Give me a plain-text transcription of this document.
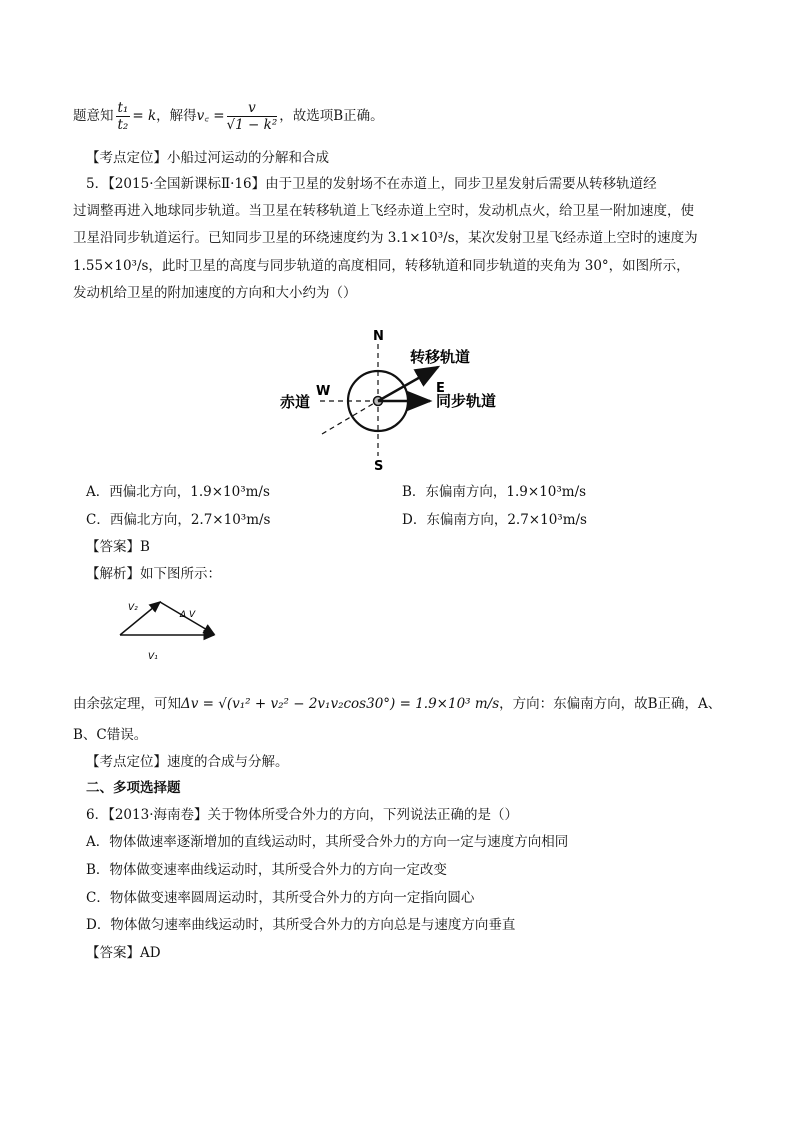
题意知 $\frac{\text{t₁}}{\text{t₂}} = k$，解得v꜀ = $\frac{v}{\text{√1 − k²}}$ ，故选项B正确。
【考点定位】小船过河运动的分解和合成
5．【2015·全国新课标Ⅱ·16】由于卫星的发射场不在赤道上，同步卫星发射后需要从转移轨道经
过调整再进入地球同步轨道。当卫星在转移轨道上飞经赤道上空时，发动机点火，给卫星一附加速度，使
卫星沿同步轨道运行。已知同步卫星的环绕速度约为 3.1×10³/s，某次发射卫星飞经赤道上空时的速度为
1.55×10³/s，此时卫星的高度与同步轨道的高度相同，转移轨道和同步轨道的夹角为 30°，如图所示，
发动机给卫星的附加速度的方向和大小约为（）
N
S
E
W
赤道
转移轨道
同步轨道
A．西偏北方向，1.9×10³m/s	B．东偏南方向，1.9×10³m/s
C．西偏北方向，2.7×10³m/s	D．东偏南方向，2.7×10³m/s
【答案】B
【解析】如下图所示：
V₂
Δ V
V₁
由余弦定理，可知Δv = √(v₁² + v₂² − 2v₁v₂cos30°) = 1.9×10³ m/s，方向：东偏南方向，故B正确，A、
B、C错误。
【考点定位】速度的合成与分解。
二、多项选择题
6．【2013·海南卷】关于物体所受合外力的方向，下列说法正确的是（）
A．物体做速率逐渐增加的直线运动时，其所受合外力的方向一定与速度方向相同
B．物体做变速率曲线运动时，其所受合外力的方向一定改变
C．物体做变速率圆周运动时，其所受合外力的方向一定指向圆心
D．物体做匀速率曲线运动时，其所受合外力的方向总是与速度方向垂直
【答案】AD
